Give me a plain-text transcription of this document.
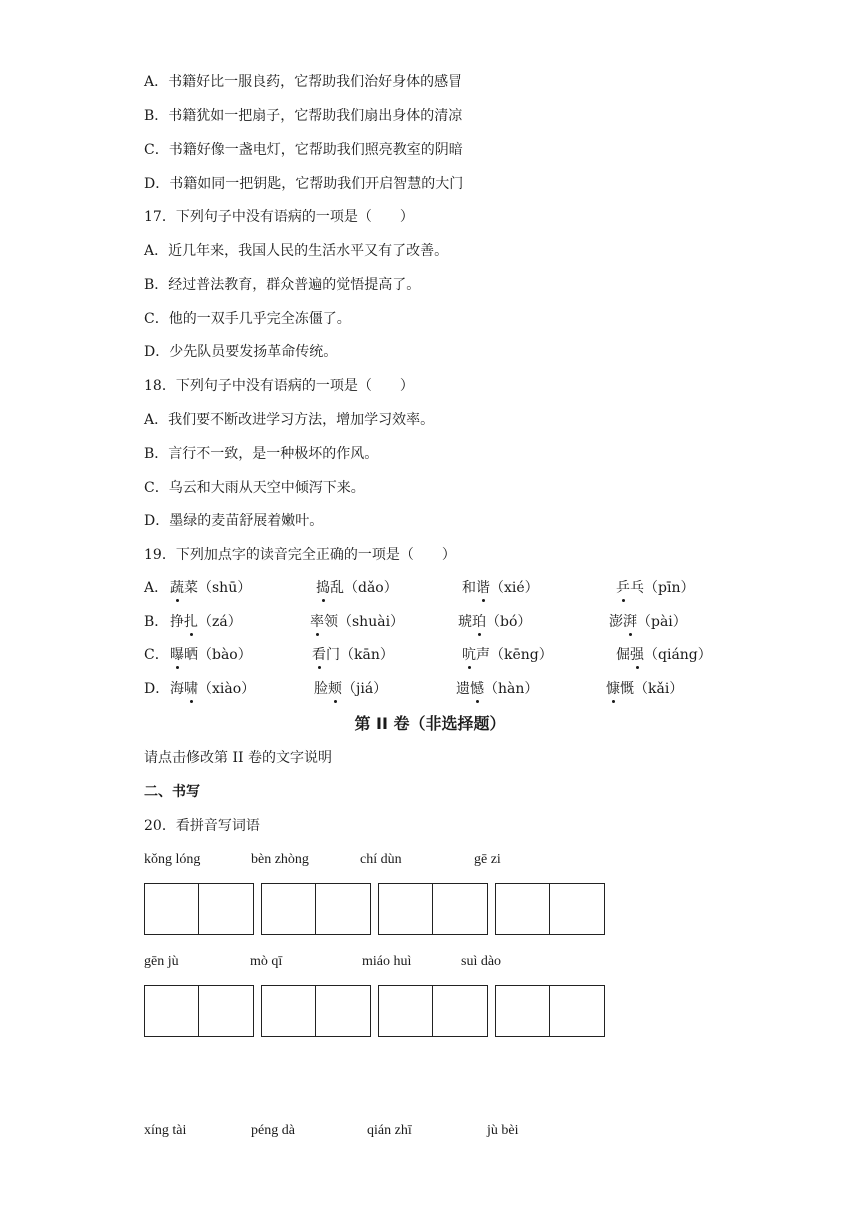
A．书籍好比一服良药，它帮助我们治好身体的感冒
B．书籍犹如一把扇子，它帮助我们扇出身体的清凉
C．书籍好像一盏电灯，它帮助我们照亮教室的阴暗
D．书籍如同一把钥匙，它帮助我们开启智慧的大门
17．下列句子中没有语病的一项是（　　）
A．近几年来，我国人民的生活水平又有了改善。
B．经过普法教育，群众普遍的觉悟提高了。
C．他的一双手几乎完全冻僵了。
D．少先队员要发扬革命传统。
18．下列句子中没有语病的一项是（　　）
A．我们要不断改进学习方法，增加学习效率。
B．言行不一致，是一种极坏的作风。
C．乌云和大雨从天空中倾泻下来。
D．墨绿的麦苗舒展着嫩叶。
19．下列加点字的读音完全正确的一项是（　　）
A． 蔬菜（shū）	捣乱（dǎo）	和谐（xié）	乒乓（pīn）
B． 挣扎（zá）	率领（shuài）	琥珀（bó）	澎湃（pài）
C． 曝晒（bào）	看门（kān）	吭声（kēng）	倔强（qiáng）
D． 海啸（xiào）	脸颊（jiá）	遗憾（hàn）	慷慨（kǎi）
第 II 卷（非选择题）
请点击修改第 II 卷的文字说明
二、书写
20．看拼音写词语
kǒng lóng	bèn zhòng	chí dùn	gē zi
gēn jù	mò qī	miáo huì	suì dào
xíng tài	péng dà	qián zhī	jù bèi
